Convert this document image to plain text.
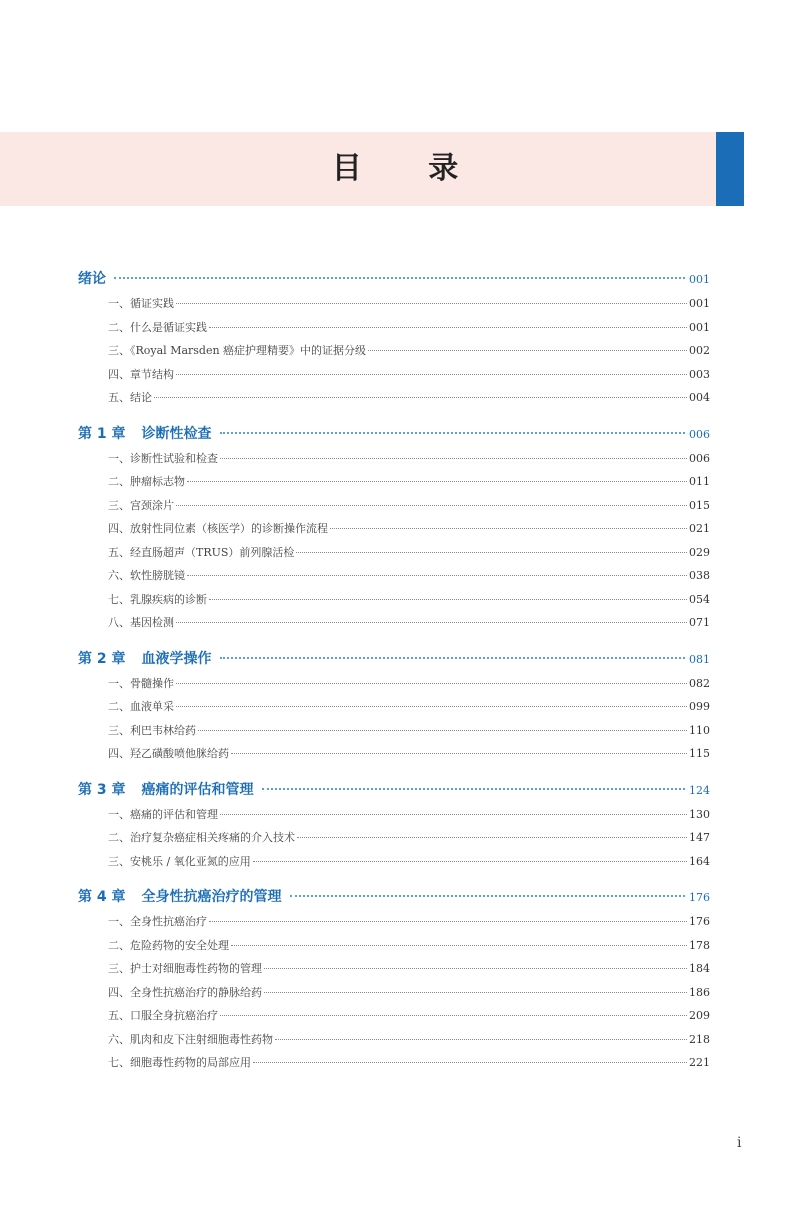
目 录
绪论	001
一、循证实践	001
二、什么是循证实践	001
三、《Royal Marsden 癌症护理精要》中的证据分级	002
四、章节结构	003
五、结论	004
第 1 章 诊断性检查	006
一、诊断性试验和检查	006
二、肿瘤标志物	011
三、宫颈涂片	015
四、放射性同位素（核医学）的诊断操作流程	021
五、经直肠超声（TRUS）前列腺活检	029
六、软性膀胱镜	038
七、乳腺疾病的诊断	054
八、基因检测	071
第 2 章 血液学操作	081
一、骨髓操作	082
二、血液单采	099
三、利巴韦林给药	110
四、羟乙磺酸喷他脒给药	115
第 3 章 癌痛的评估和管理	124
一、癌痛的评估和管理	130
二、治疗复杂癌症相关疼痛的介入技术	147
三、安桃乐 / 氧化亚氮的应用	164
第 4 章 全身性抗癌治疗的管理	176
一、全身性抗癌治疗	176
二、危险药物的安全处理	178
三、护士对细胞毒性药物的管理	184
四、全身性抗癌治疗的静脉给药	186
五、口服全身抗癌治疗	209
六、肌肉和皮下注射细胞毒性药物	218
七、细胞毒性药物的局部应用	221
i
